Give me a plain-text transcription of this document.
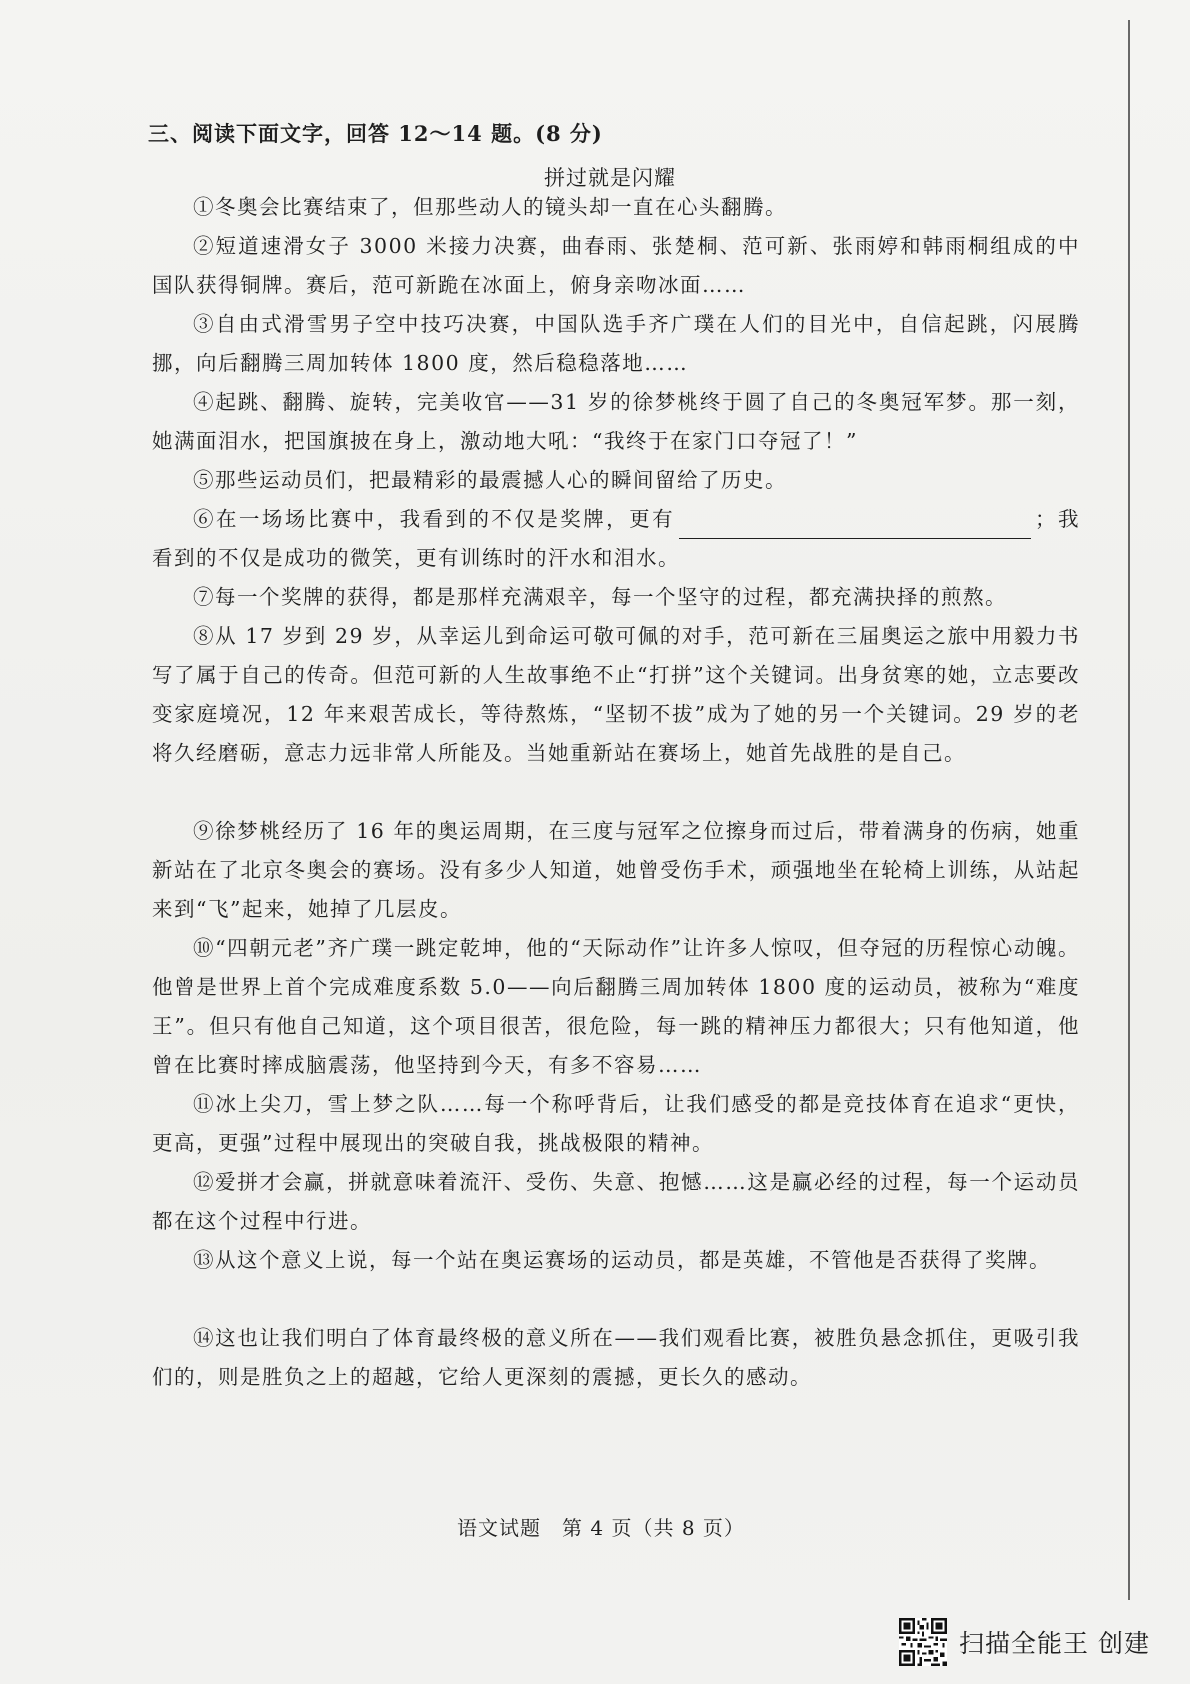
三、阅读下面文字，回答 12～14 题。(8 分)
拼过就是闪耀

①冬奥会比赛结束了，但那些动人的镜头却一直在心头翻腾。

②短道速滑女子 3000 米接力决赛，曲春雨、张楚桐、范可新、张雨婷和韩雨桐组成的中国队获得铜牌。赛后，范可新跪在冰面上，俯身亲吻冰面……

③自由式滑雪男子空中技巧决赛，中国队选手齐广璞在人们的目光中，自信起跳，闪展腾挪，向后翻腾三周加转体 1800 度，然后稳稳落地……

④起跳、翻腾、旋转，完美收官——31 岁的徐梦桃终于圆了自己的冬奥冠军梦。那一刻，她满面泪水，把国旗披在身上，激动地大吼：“我终于在家门口夺冠了！”

⑤那些运动员们，把最精彩的最震撼人心的瞬间留给了历史。

⑥在一场场比赛中，我看到的不仅是奖牌，更有	；我看到的不仅是成功的微笑，更有训练时的汗水和泪水。

⑦每一个奖牌的获得，都是那样充满艰辛，每一个坚守的过程，都充满抉择的煎熬。

⑧从 17 岁到 29 岁，从幸运儿到命运可敬可佩的对手，范可新在三届奥运之旅中用毅力书写了属于自己的传奇。但范可新的人生故事绝不止“打拼”这个关键词。出身贫寒的她，立志要改变家庭境况，12 年来艰苦成长，等待熬炼，“坚韧不拔”成为了她的另一个关键词。29 岁的老将久经磨砺，意志力远非常人所能及。当她重新站在赛场上，她首先战胜的是自己。

⑨徐梦桃经历了 16 年的奥运周期，在三度与冠军之位擦身而过后，带着满身的伤病，她重新站在了北京冬奥会的赛场。没有多少人知道，她曾受伤手术，顽强地坐在轮椅上训练，从站起来到“飞”起来，她掉了几层皮。

⑩“四朝元老”齐广璞一跳定乾坤，他的“天际动作”让许多人惊叹，但夺冠的历程惊心动魄。他曾是世界上首个完成难度系数 5.0——向后翻腾三周加转体 1800 度的运动员，被称为“难度王”。但只有他自己知道，这个项目很苦，很危险，每一跳的精神压力都很大；只有他知道，他曾在比赛时摔成脑震荡，他坚持到今天，有多不容易……

⑪冰上尖刀，雪上梦之队……每一个称呼背后，让我们感受的都是竞技体育在追求“更快，更高，更强”过程中展现出的突破自我，挑战极限的精神。

⑫爱拼才会赢，拼就意味着流汗、受伤、失意、抱憾……这是赢必经的过程，每一个运动员都在这个过程中行进。

⑬从这个意义上说，每一个站在奥运赛场的运动员，都是英雄，不管他是否获得了奖牌。

⑭这也让我们明白了体育最终极的意义所在——我们观看比赛，被胜负悬念抓住，更吸引我们的，则是胜负之上的超越，它给人更深刻的震撼，更长久的感动。

语文试题　第 4 页（共 8 页）
扫描全能王 创建
